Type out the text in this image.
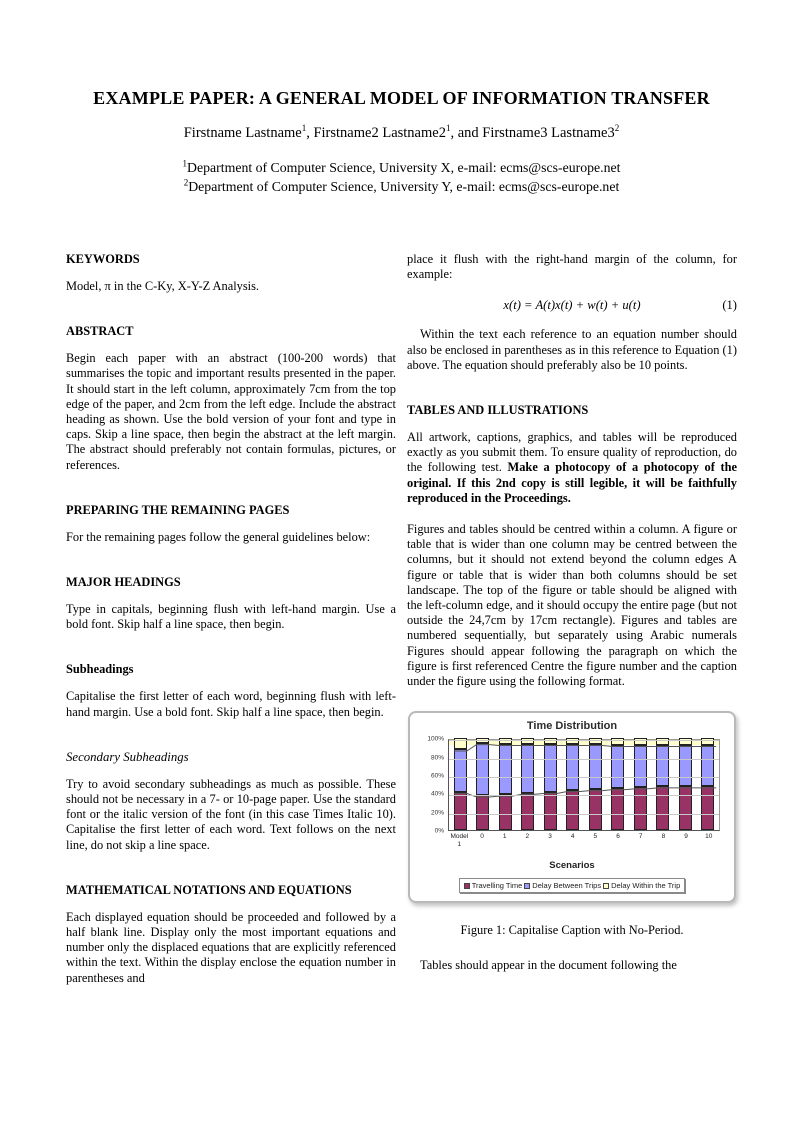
EXAMPLE PAPER: A GENERAL MODEL OF INFORMATION TRANSFER
Firstname Lastname$^1$, Firstname2 $Lastname2^1$, and Firstname3 $Lastname3^2$
$^1$Department of Computer Science, University X, e-mail: ecms@scs-europe.net
$^2$Department of Computer Science, University Y, e-mail: ecms@scs-europe.net
KEYWORDS

Model, π in the C-Ky, X-Y-Z Analysis.

ABSTRACT

Begin each paper with an abstract (100-200 words) that summarises the topic and important results presented in the paper. It should start in the left column, approximately 7cm from the top edge of the paper, and 2cm from the left edge. Include the abstract heading as shown. Use the bold version of your font and type in caps. Skip a line space, then begin the abstract at the left margin. The abstract should preferably not contain formulas, pictures, or references.

PREPARING THE REMAINING PAGES

For the remaining pages follow the general guidelines below:

MAJOR HEADINGS

Type in capitals, beginning flush with left-hand margin. Use a bold font. Skip half a line space, then begin.

Subheadings

Capitalise the first letter of each word, beginning flush with left-hand margin. Use a bold font. Skip half a line space, then begin.

Secondary Subheadings

Try to avoid secondary subheadings as much as possible. These should not be necessary in a 7- or 10-page paper. Use the standard font or the italic version of the font (in this case Times Italic 10). Capitalise the first letter of each word. Text follows on the next line, do not skip a line space.

MATHEMATICAL NOTATIONS AND EQUATIONS

Each displayed equation should be proceeded and followed by a half blank line. Display only the most important equations and number only the displaced equations that are explicitly referenced within the text. Within the display enclose the equation number in parentheses and

place it flush with the right-hand margin of the column, for example:

x(t) = A(t)x(t) + w(t) + u(t)	(1)

Within the text each reference to an equation number should also be enclosed in parentheses as in this reference to Equation (1) above. The equation should preferably also be 10 points.

TABLES AND ILLUSTRATIONS

All artwork, captions, graphics, and tables will be reproduced exactly as you submit them. To ensure quality of reproduction, do the following test. Make a photocopy of a photocopy of the original. If this 2nd copy is still legible, it will be faithfully reproduced in the Proceedings.

Figures and tables should be centred within a column. A figure or table that is wider than one column may be centred between the columns, but it should not extend beyond the column edges A figure or table that is wider than both columns should be set landscape. The top of the figure or table should be aligned with the left-column edge, and it should occupy the entire page (but not outside the 24,7cm by 17cm rectangle). Figures and tables are numbered sequentially, but separately using Arabic numerals Figures should appear following the paragraph on which the figure is first referenced Centre the figure number and the caption under the figure using the following format.

Time Distribution
0%
20%
40%
60%
80%
100%
Model 1
0	1	2	3	4	5	6	7	8	9	10
Scenarios
Travelling Time Delay Between Trips Delay Within the Trip
Figure 1: Capitalise Caption with No-Period.

Tables should appear in the document following the
